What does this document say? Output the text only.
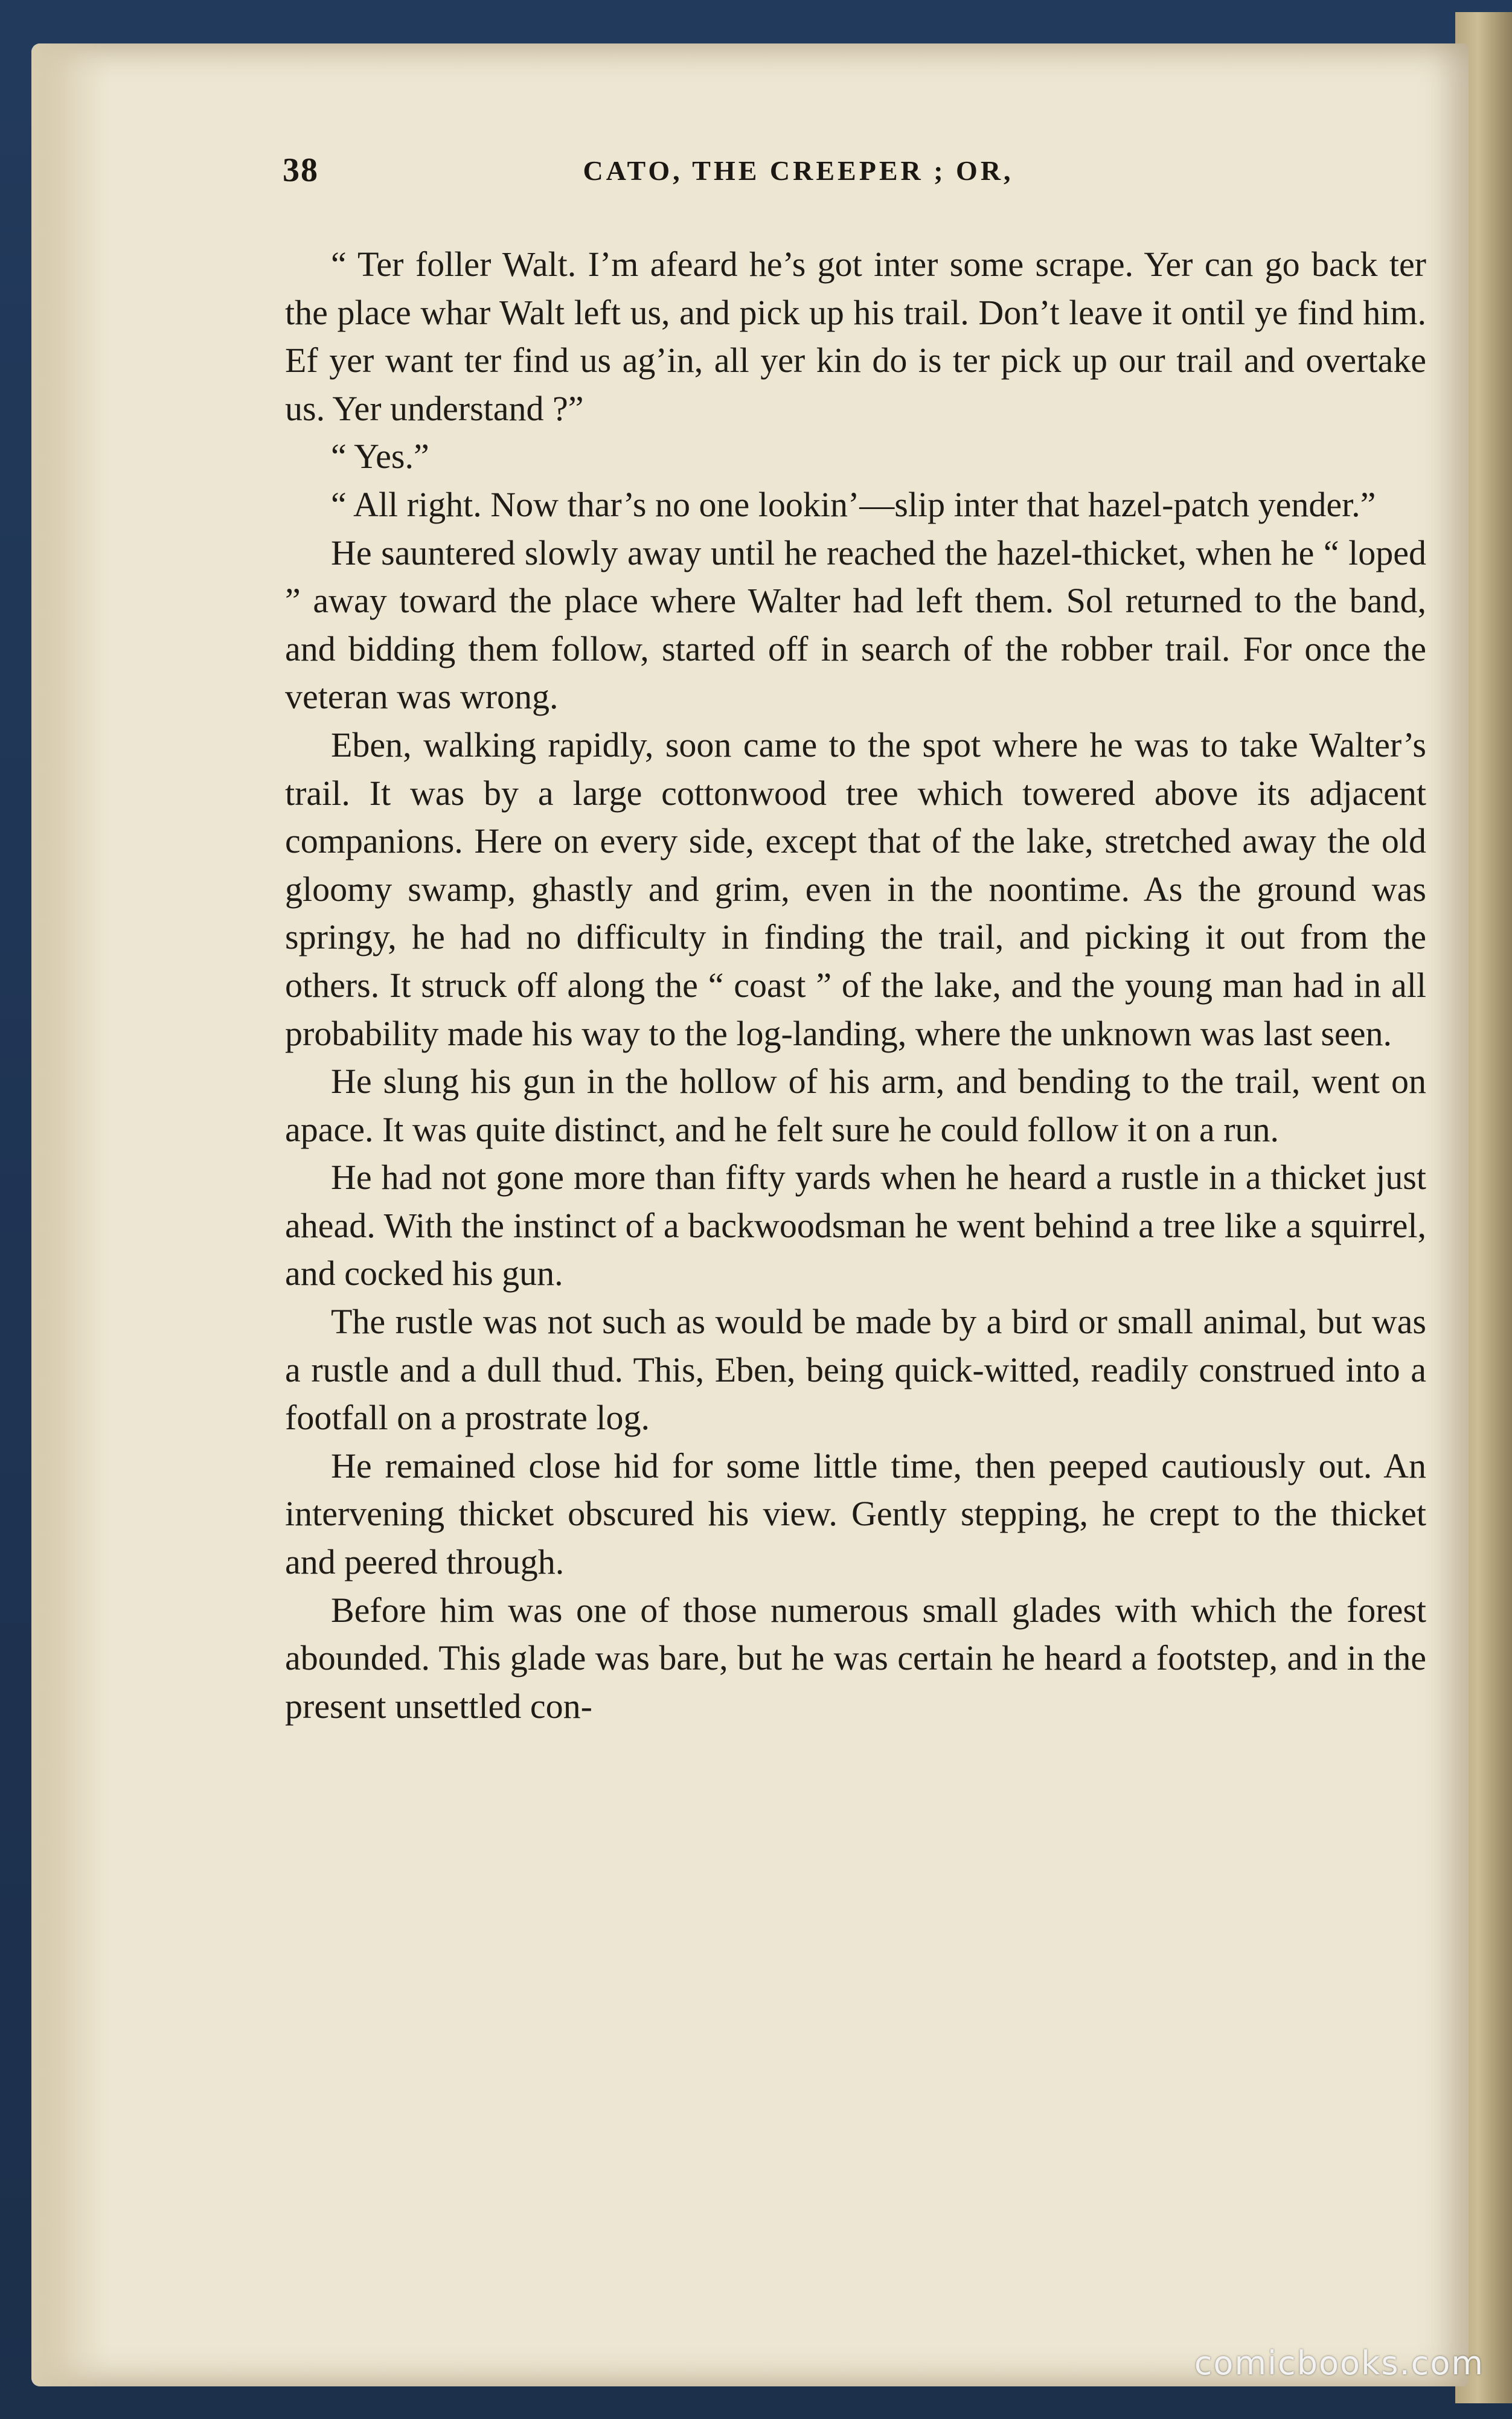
38	CATO, THE CREEPER ; OR,

“ Ter foller Walt. I’m afeard he’s got inter some scrape. Yer can go back ter the place whar Walt left us, and pick up his trail. Don’t leave it ontil ye find him. Ef yer want ter find us ag’in, all yer kin do is ter pick up our trail and overtake us. Yer understand ?”

“ Yes.”

“ All right. Now thar’s no one lookin’—slip inter that hazel-patch yender.”

He sauntered slowly away until he reached the hazel-thicket, when he “ loped ” away toward the place where Walter had left them. Sol returned to the band, and bidding them follow, started off in search of the robber trail. For once the veteran was wrong.

Eben, walking rapidly, soon came to the spot where he was to take Walter’s trail. It was by a large cottonwood tree which towered above its adjacent companions. Here on every side, except that of the lake, stretched away the old gloomy swamp, ghastly and grim, even in the noontime. As the ground was springy, he had no difficulty in finding the trail, and picking it out from the others. It struck off along the “ coast ” of the lake, and the young man had in all probability made his way to the log-landing, where the unknown was last seen.

He slung his gun in the hollow of his arm, and bending to the trail, went on apace. It was quite distinct, and he felt sure he could follow it on a run.

He had not gone more than fifty yards when he heard a rustle in a thicket just ahead. With the instinct of a backwoodsman he went behind a tree like a squirrel, and cocked his gun.

The rustle was not such as would be made by a bird or small animal, but was a rustle and a dull thud. This, Eben, being quick-witted, readily construed into a footfall on a prostrate log.

He remained close hid for some little time, then peeped cautiously out. An intervening thicket obscured his view. Gently stepping, he crept to the thicket and peered through.

Before him was one of those numerous small glades with which the forest abounded. This glade was bare, but he was certain he heard a footstep, and in the present unsettled con-

comicbooks.com
